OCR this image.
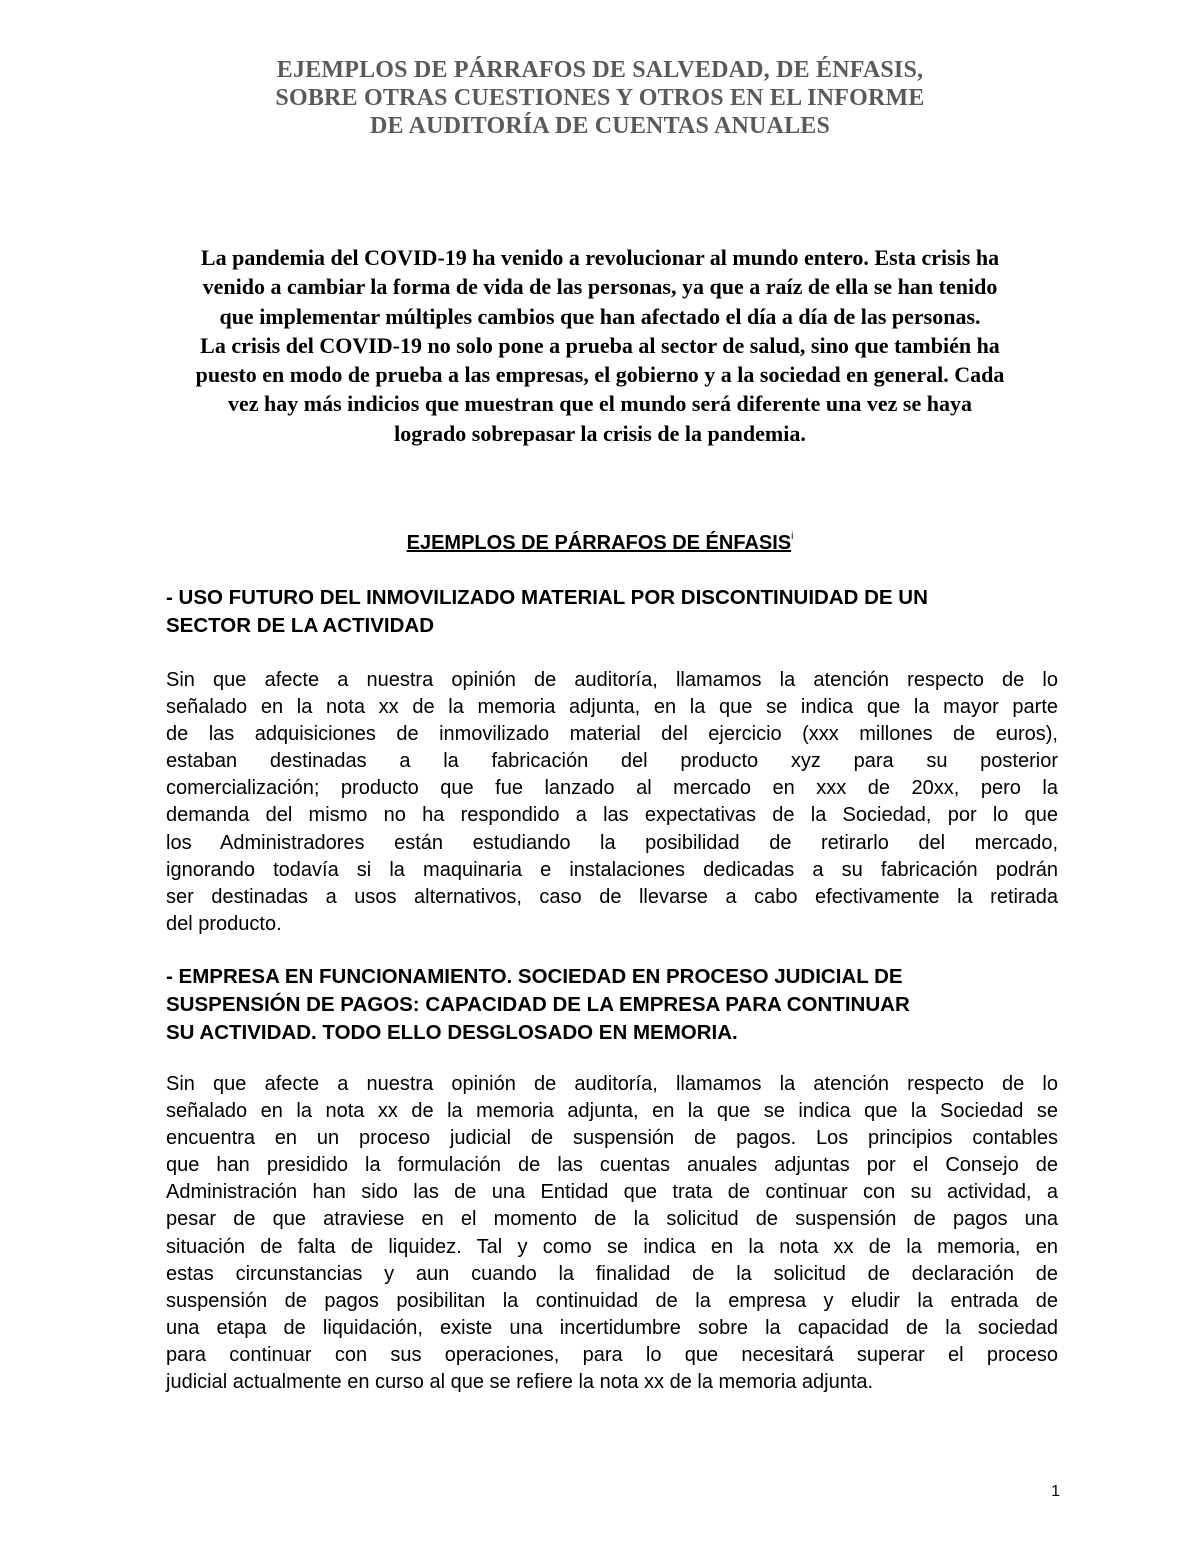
EJEMPLOS DE PÁRRAFOS DE SALVEDAD, DE ÉNFASIS,
SOBRE OTRAS CUESTIONES Y OTROS EN EL INFORME
DE AUDITORÍA DE CUENTAS ANUALES
La pandemia del COVID-19 ha venido a revolucionar al mundo entero. Esta crisis ha
venido a cambiar la forma de vida de las personas, ya que a raíz de ella se han tenido
que implementar múltiples cambios que han afectado el día a día de las personas.
La crisis del COVID-19 no solo pone a prueba al sector de salud, sino que también ha
puesto en modo de prueba a las empresas, el gobierno y a la sociedad en general. Cada
vez hay más indicios que muestran que el mundo será diferente una vez se haya
logrado sobrepasar la crisis de la pandemia.
EJEMPLOS DE PÁRRAFOS DE ÉNFASIS$^i$
- USO FUTURO DEL INMOVILIZADO MATERIAL POR DISCONTINUIDAD DE UN
SECTOR DE LA ACTIVIDAD
Sin que afecte a nuestra opinión de auditoría, llamamos la atención respecto de lo
señalado en la nota xx de la memoria adjunta, en la que se indica que la mayor parte
de las adquisiciones de inmovilizado material del ejercicio (xxx millones de euros),
estaban destinadas a la fabricación del producto xyz para su posterior
comercialización; producto que fue lanzado al mercado en xxx de 20xx, pero la
demanda del mismo no ha respondido a las expectativas de la Sociedad, por lo que
los Administradores están estudiando la posibilidad de retirarlo del mercado,
ignorando todavía si la maquinaria e instalaciones dedicadas a su fabricación podrán
ser destinadas a usos alternativos, caso de llevarse a cabo efectivamente la retirada
del producto.
- EMPRESA EN FUNCIONAMIENTO. SOCIEDAD EN PROCESO JUDICIAL DE
SUSPENSIÓN DE PAGOS: CAPACIDAD DE LA EMPRESA PARA CONTINUAR
SU ACTIVIDAD. TODO ELLO DESGLOSADO EN MEMORIA.
Sin que afecte a nuestra opinión de auditoría, llamamos la atención respecto de lo
señalado en la nota xx de la memoria adjunta, en la que se indica que la Sociedad se
encuentra en un proceso judicial de suspensión de pagos. Los principios contables
que han presidido la formulación de las cuentas anuales adjuntas por el Consejo de
Administración han sido las de una Entidad que trata de continuar con su actividad, a
pesar de que atraviese en el momento de la solicitud de suspensión de pagos una
situación de falta de liquidez. Tal y como se indica en la nota xx de la memoria, en
estas circunstancias y aun cuando la finalidad de la solicitud de declaración de
suspensión de pagos posibilitan la continuidad de la empresa y eludir la entrada de
una etapa de liquidación, existe una incertidumbre sobre la capacidad de la sociedad
para continuar con sus operaciones, para lo que necesitará superar el proceso
judicial actualmente en curso al que se refiere la nota xx de la memoria adjunta.
1
